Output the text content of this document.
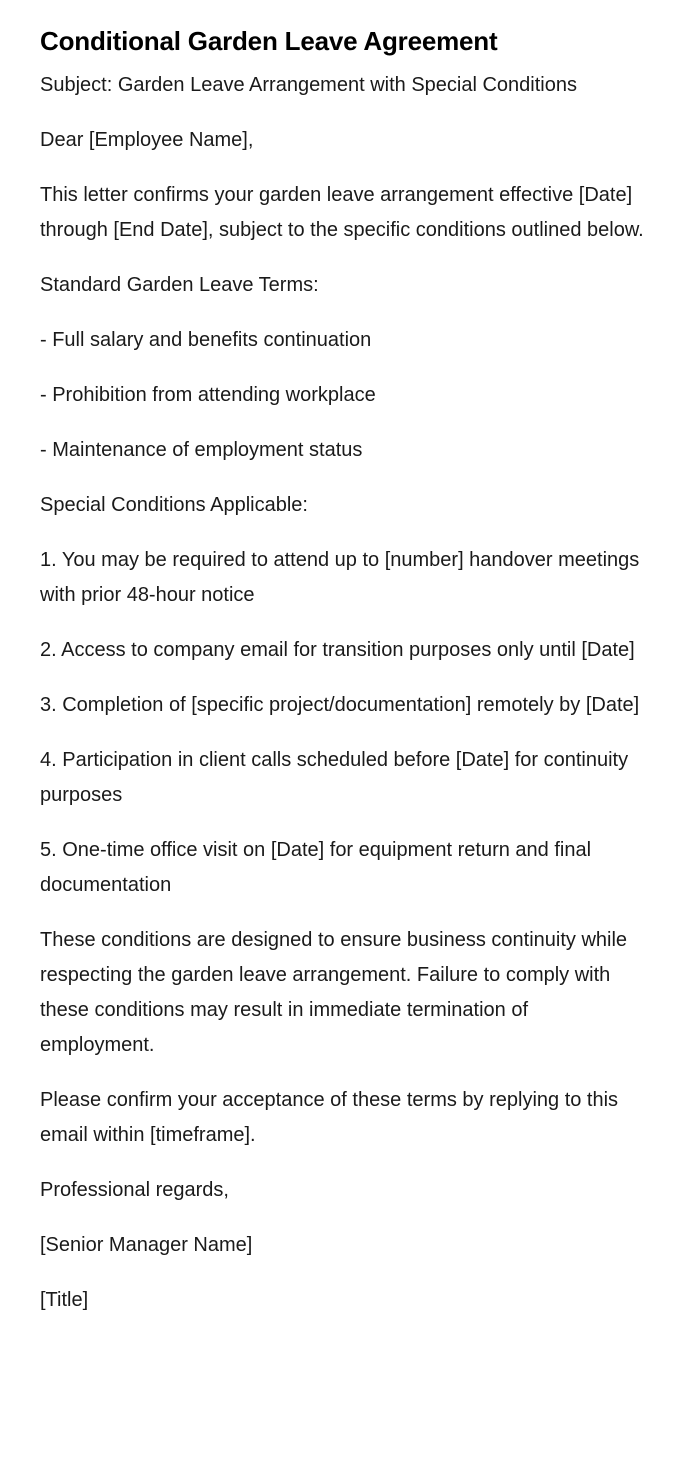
Conditional Garden Leave Agreement

Subject: Garden Leave Arrangement with Special Conditions

Dear [Employee Name],

This letter confirms your garden leave arrangement effective [Date] through [End Date], subject to the specific conditions outlined below.

Standard Garden Leave Terms:

- Full salary and benefits continuation

- Prohibition from attending workplace

- Maintenance of employment status

Special Conditions Applicable:

1. You may be required to attend up to [number] handover meetings with prior 48-hour notice

2. Access to company email for transition purposes only until [Date]

3. Completion of [specific project/documentation] remotely by [Date]

4. Participation in client calls scheduled before [Date] for continuity purposes

5. One-time office visit on [Date] for equipment return and final documentation

These conditions are designed to ensure business continuity while respecting the garden leave arrangement. Failure to comply with these conditions may result in immediate termination of employment.

Please confirm your acceptance of these terms by replying to this email within [timeframe].

Professional regards,

[Senior Manager Name]

[Title]
